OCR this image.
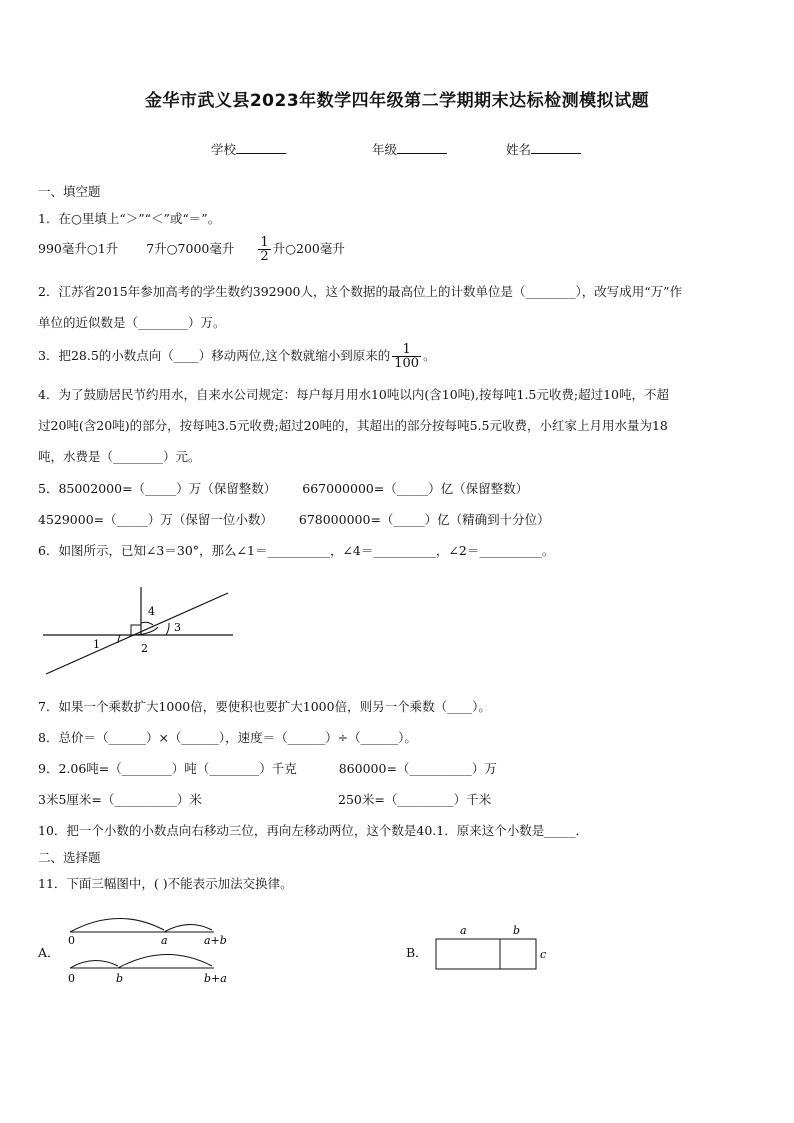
金华市武义县2023年数学四年级第二学期期末达标检测模拟试题
学校	年级	姓名
一、填空题
1．在○里填上“＞”“＜”或“＝”。
990毫升○1升 7升○7000毫升 $\frac{1}{2}$ 升○200毫升
2．江苏省2015年参加高考的学生数约392900人，这个数据的最高位上的计数单位是（________），改写成用“万”作
单位的近似数是（________）万。
3．把28.5的小数点向（____）移动两位,这个数就缩小到原来的 $\frac{1}{100}$ 。
4．为了鼓励居民节约用水，自来水公司规定：每户每月用水10吨以内(含10吨),按每吨1.5元收费;超过10吨，不超
过20吨(含20吨)的部分，按每吨3.5元收费;超过20吨的，其超出的部分按每吨5.5元收费，小红家上月用水量为18
吨，水费是（________）元。
5．85002000=（_____）万（保留整数） 667000000=（_____）亿（保留整数）
4529000=（_____）万（保留一位小数） 678000000=（_____）亿（精确到十分位）
6．如图所示，已知∠3＝30°，那么∠1＝__________，∠4＝__________，∠2＝__________。
1	2
3
4
7．如果一个乘数扩大1000倍，要使积也要扩大1000倍，则另一个乘数（____）。
8．总价＝（______）×（______），速度＝（______）÷（______）。
9．2.06吨=（________）吨（________）千克	860000=（__________）万
3米5厘米=（__________）米	250米=（_________）千米
10．把一个小数的小数点向右移动三位，再向左移动两位，这个数是40.1．原来这个小数是_____．
二、选择题
11．下面三幅图中，( )不能表示加法交换律。
A．
0	a	a+b
0	b	b+a
B．
a	b
c
